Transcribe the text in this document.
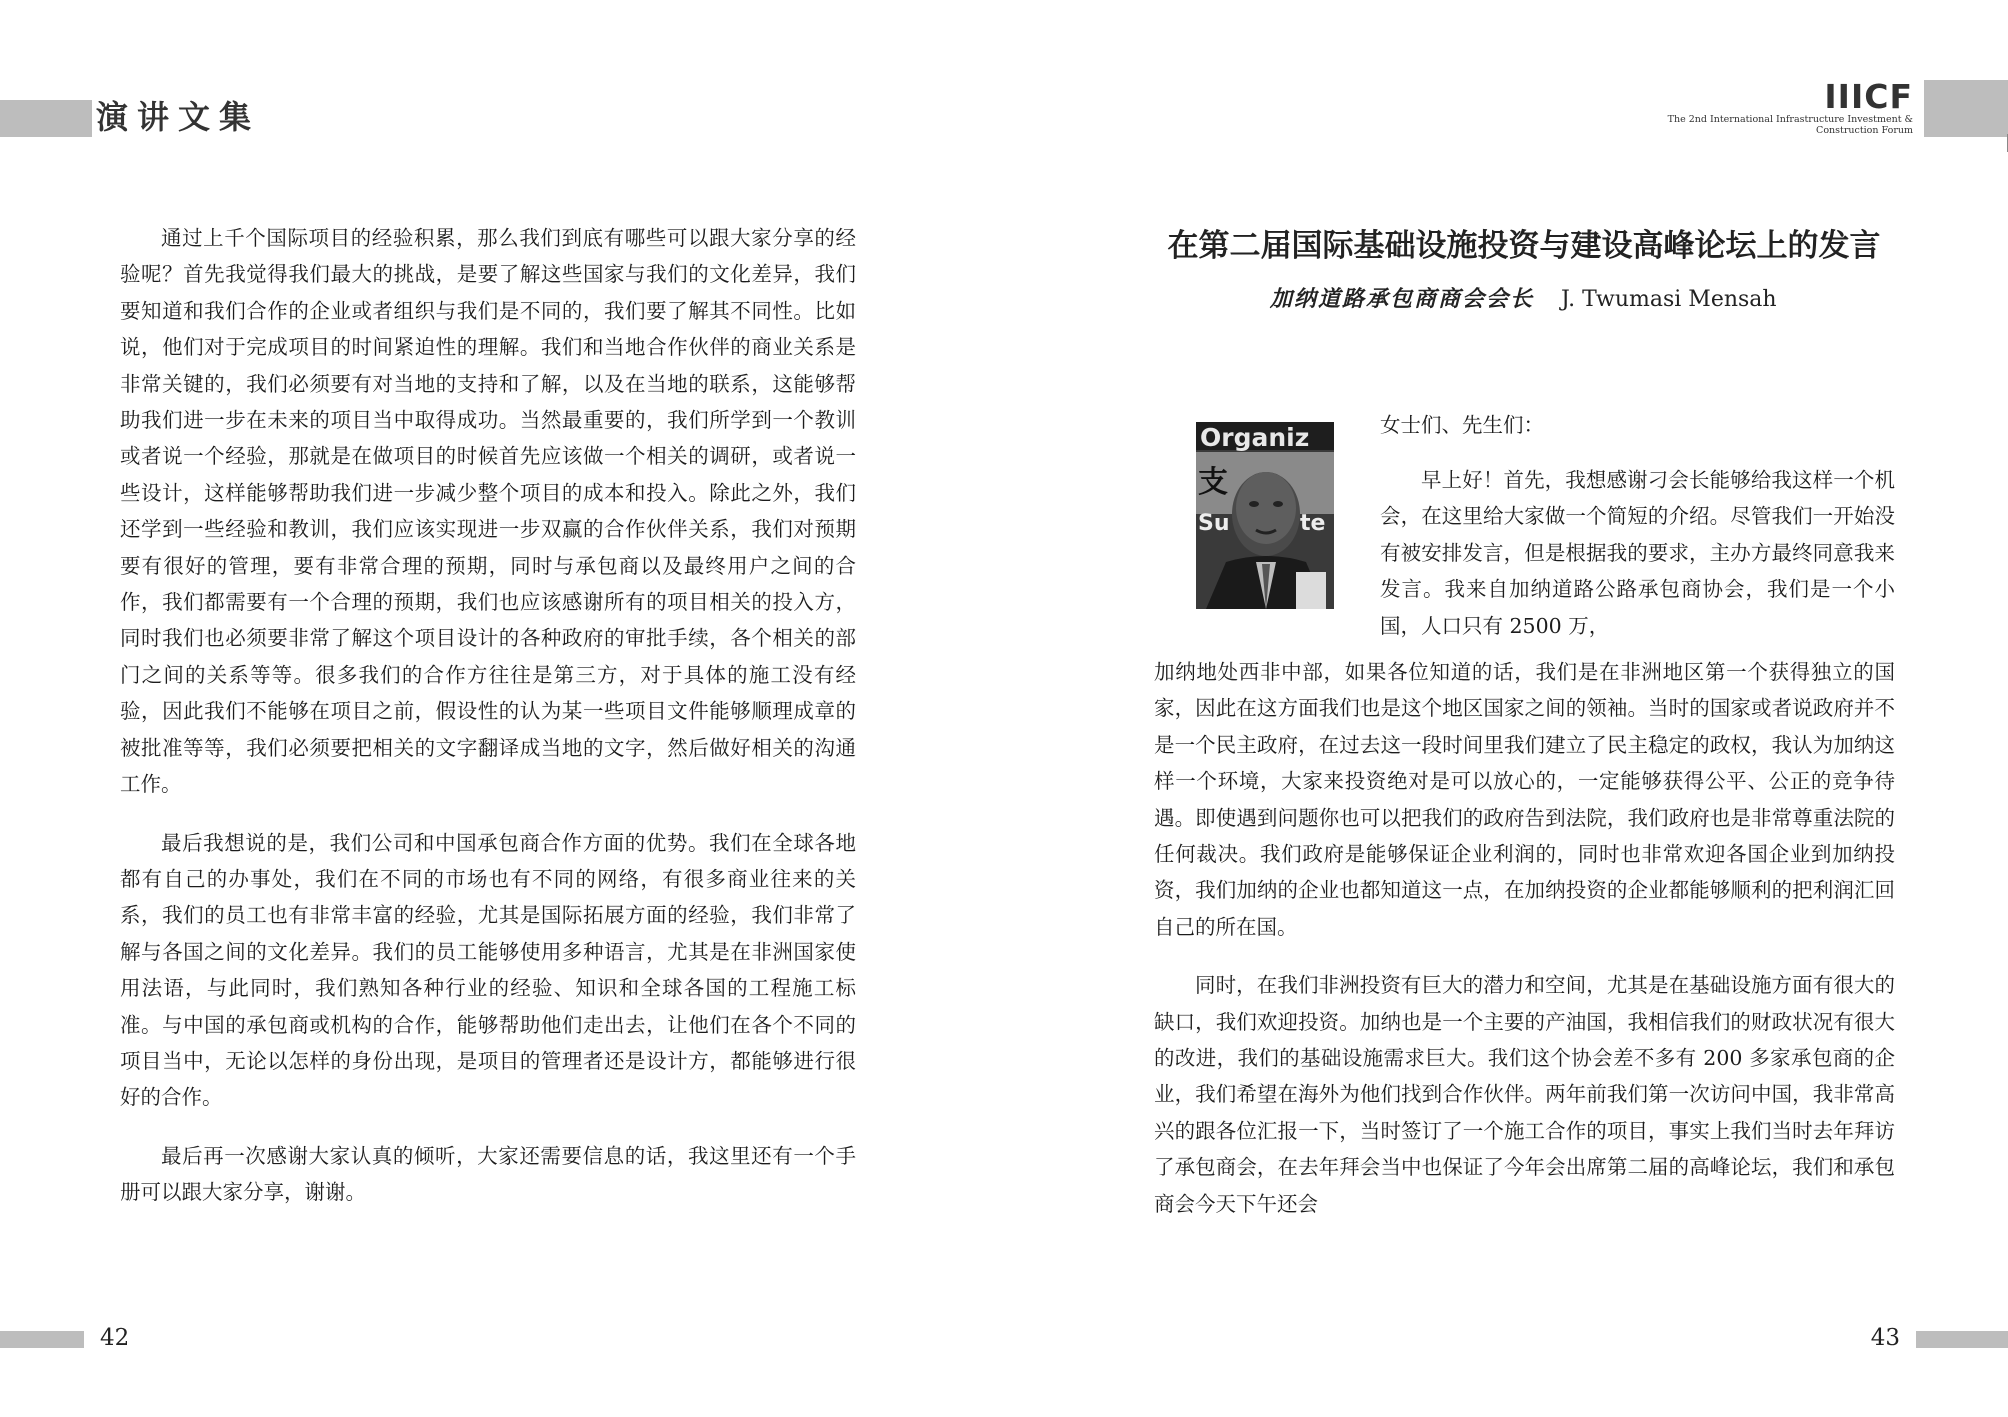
演讲文集

通过上千个国际项目的经验积累，那么我们到底有哪些可以跟大家分享的经验呢？首先我觉得我们最大的挑战，是要了解这些国家与我们的文化差异，我们要知道和我们合作的企业或者组织与我们是不同的，我们要了解其不同性。比如说，他们对于完成项目的时间紧迫性的理解。我们和当地合作伙伴的商业关系是非常关键的，我们必须要有对当地的支持和了解，以及在当地的联系，这能够帮助我们进一步在未来的项目当中取得成功。当然最重要的，我们所学到一个教训或者说一个经验，那就是在做项目的时候首先应该做一个相关的调研，或者说一些设计，这样能够帮助我们进一步减少整个项目的成本和投入。除此之外，我们还学到一些经验和教训，我们应该实现进一步双赢的合作伙伴关系，我们对预期要有很好的管理，要有非常合理的预期，同时与承包商以及最终用户之间的合作，我们都需要有一个合理的预期，我们也应该感谢所有的项目相关的投入方，同时我们也必须要非常了解这个项目设计的各种政府的审批手续，各个相关的部门之间的关系等等。很多我们的合作方往往是第三方，对于具体的施工没有经验，因此我们不能够在项目之前，假设性的认为某一些项目文件能够顺理成章的被批准等等，我们必须要把相关的文字翻译成当地的文字，然后做好相关的沟通工作。

最后我想说的是，我们公司和中国承包商合作方面的优势。我们在全球各地都有自己的办事处，我们在不同的市场也有不同的网络，有很多商业往来的关系，我们的员工也有非常丰富的经验，尤其是国际拓展方面的经验，我们非常了解与各国之间的文化差异。我们的员工能够使用多种语言，尤其是在非洲国家使用法语，与此同时，我们熟知各种行业的经验、知识和全球各国的工程施工标准。与中国的承包商或机构的合作，能够帮助他们走出去，让他们在各个不同的项目当中，无论以怎样的身份出现，是项目的管理者还是设计方，都能够进行很好的合作。

最后再一次感谢大家认真的倾听，大家还需要信息的话，我这里还有一个手册可以跟大家分享，谢谢。

42
IIICF
The 2nd International Infrastructure Investment &
Construction Forum
在第二届国际基础设施投资与建设高峰论坛上的发言
加纳道路承包商商会会长 J. Twumasi Mensah
Organiz
支
Su	te
女士们、先生们：

早上好！首先，我想感谢刁会长能够给我这样一个机会，在这里给大家做一个简短的介绍。尽管我们一开始没有被安排发言，但是根据我的要求，主办方最终同意我来发言。我来自加纳道路公路承包商协会，我们是一个小国，人口只有 2500 万，

加纳地处西非中部，如果各位知道的话，我们是在非洲地区第一个获得独立的国家，因此在这方面我们也是这个地区国家之间的领袖。当时的国家或者说政府并不是一个民主政府，在过去这一段时间里我们建立了民主稳定的政权，我认为加纳这样一个环境，大家来投资绝对是可以放心的，一定能够获得公平、公正的竞争待遇。即使遇到问题你也可以把我们的政府告到法院，我们政府也是非常尊重法院的任何裁决。我们政府是能够保证企业利润的，同时也非常欢迎各国企业到加纳投资，我们加纳的企业也都知道这一点，在加纳投资的企业都能够顺利的把利润汇回自己的所在国。

同时，在我们非洲投资有巨大的潜力和空间，尤其是在基础设施方面有很大的缺口，我们欢迎投资。加纳也是一个主要的产油国，我相信我们的财政状况有很大的改进，我们的基础设施需求巨大。我们这个协会差不多有 200 多家承包商的企业，我们希望在海外为他们找到合作伙伴。两年前我们第一次访问中国，我非常高兴的跟各位汇报一下，当时签订了一个施工合作的项目，事实上我们当时去年拜访了承包商会，在去年拜会当中也保证了今年会出席第二届的高峰论坛，我们和承包商会今天下午还会

43
